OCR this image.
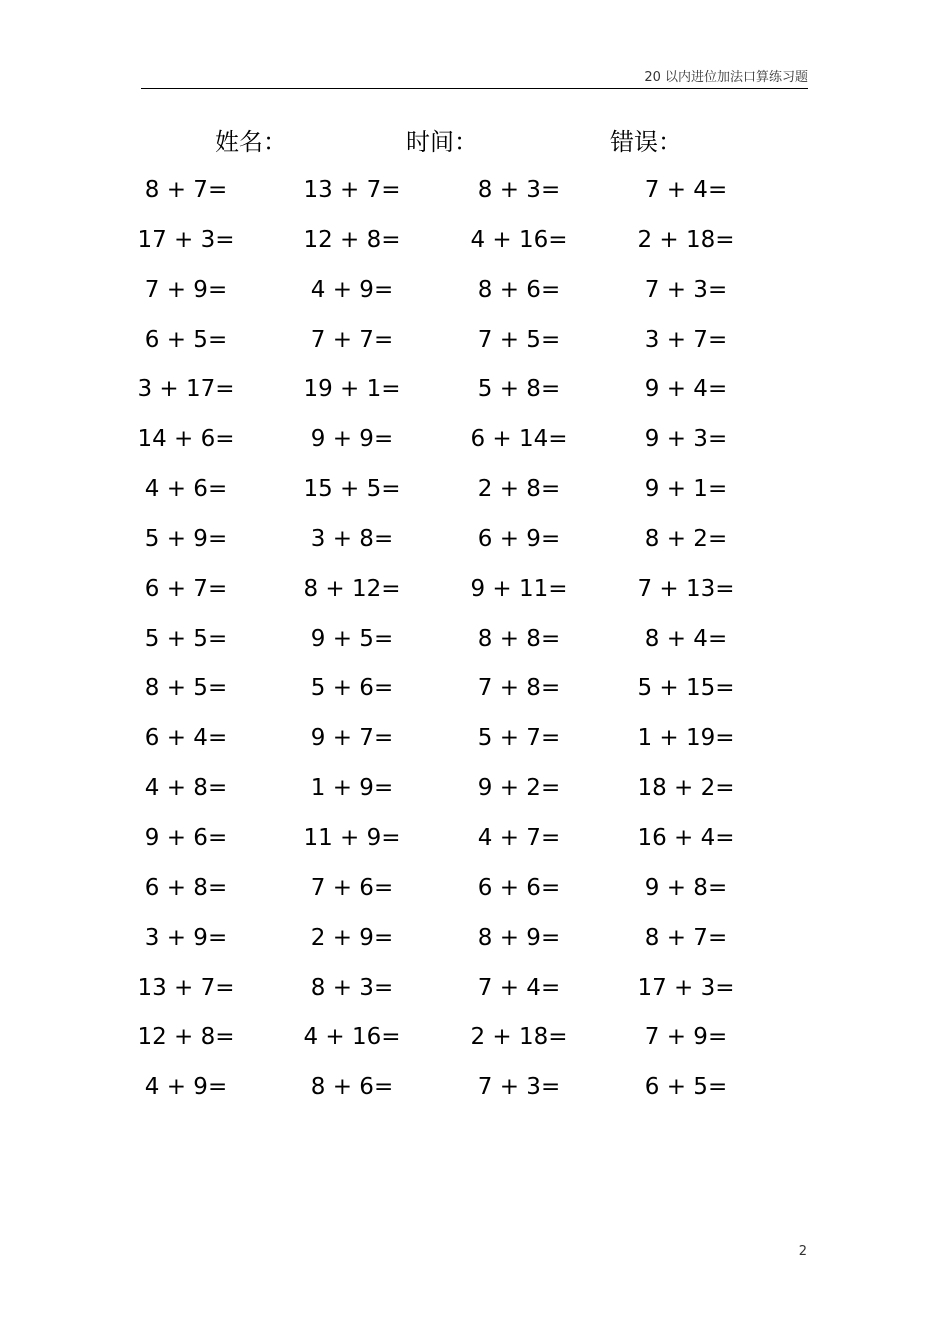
20 以内进位加法口算练习题
姓名：	时间：	错误：
8 + 7=	13 + 7=	8 + 3=	7 + 4=
17 + 3=	12 + 8=	4 + 16=	2 + 18=
7 + 9=	4 + 9=	8 + 6=	7 + 3=
6 + 5=	7 + 7=	7 + 5=	3 + 7=
3 + 17=	19 + 1=	5 + 8=	9 + 4=
14 + 6=	9 + 9=	6 + 14=	9 + 3=
4 + 6=	15 + 5=	2 + 8=	9 + 1=
5 + 9=	3 + 8=	6 + 9=	8 + 2=
6 + 7=	8 + 12=	9 + 11=	7 + 13=
5 + 5=	9 + 5=	8 + 8=	8 + 4=
8 + 5=	5 + 6=	7 + 8=	5 + 15=
6 + 4=	9 + 7=	5 + 7=	1 + 19=
4 + 8=	1 + 9=	9 + 2=	18 + 2=
9 + 6=	11 + 9=	4 + 7=	16 + 4=
6 + 8=	7 + 6=	6 + 6=	9 + 8=
3 + 9=	2 + 9=	8 + 9=	8 + 7=
13 + 7=	8 + 3=	7 + 4=	17 + 3=
12 + 8=	4 + 16=	2 + 18=	7 + 9=
4 + 9=	8 + 6=	7 + 3=	6 + 5=
2
